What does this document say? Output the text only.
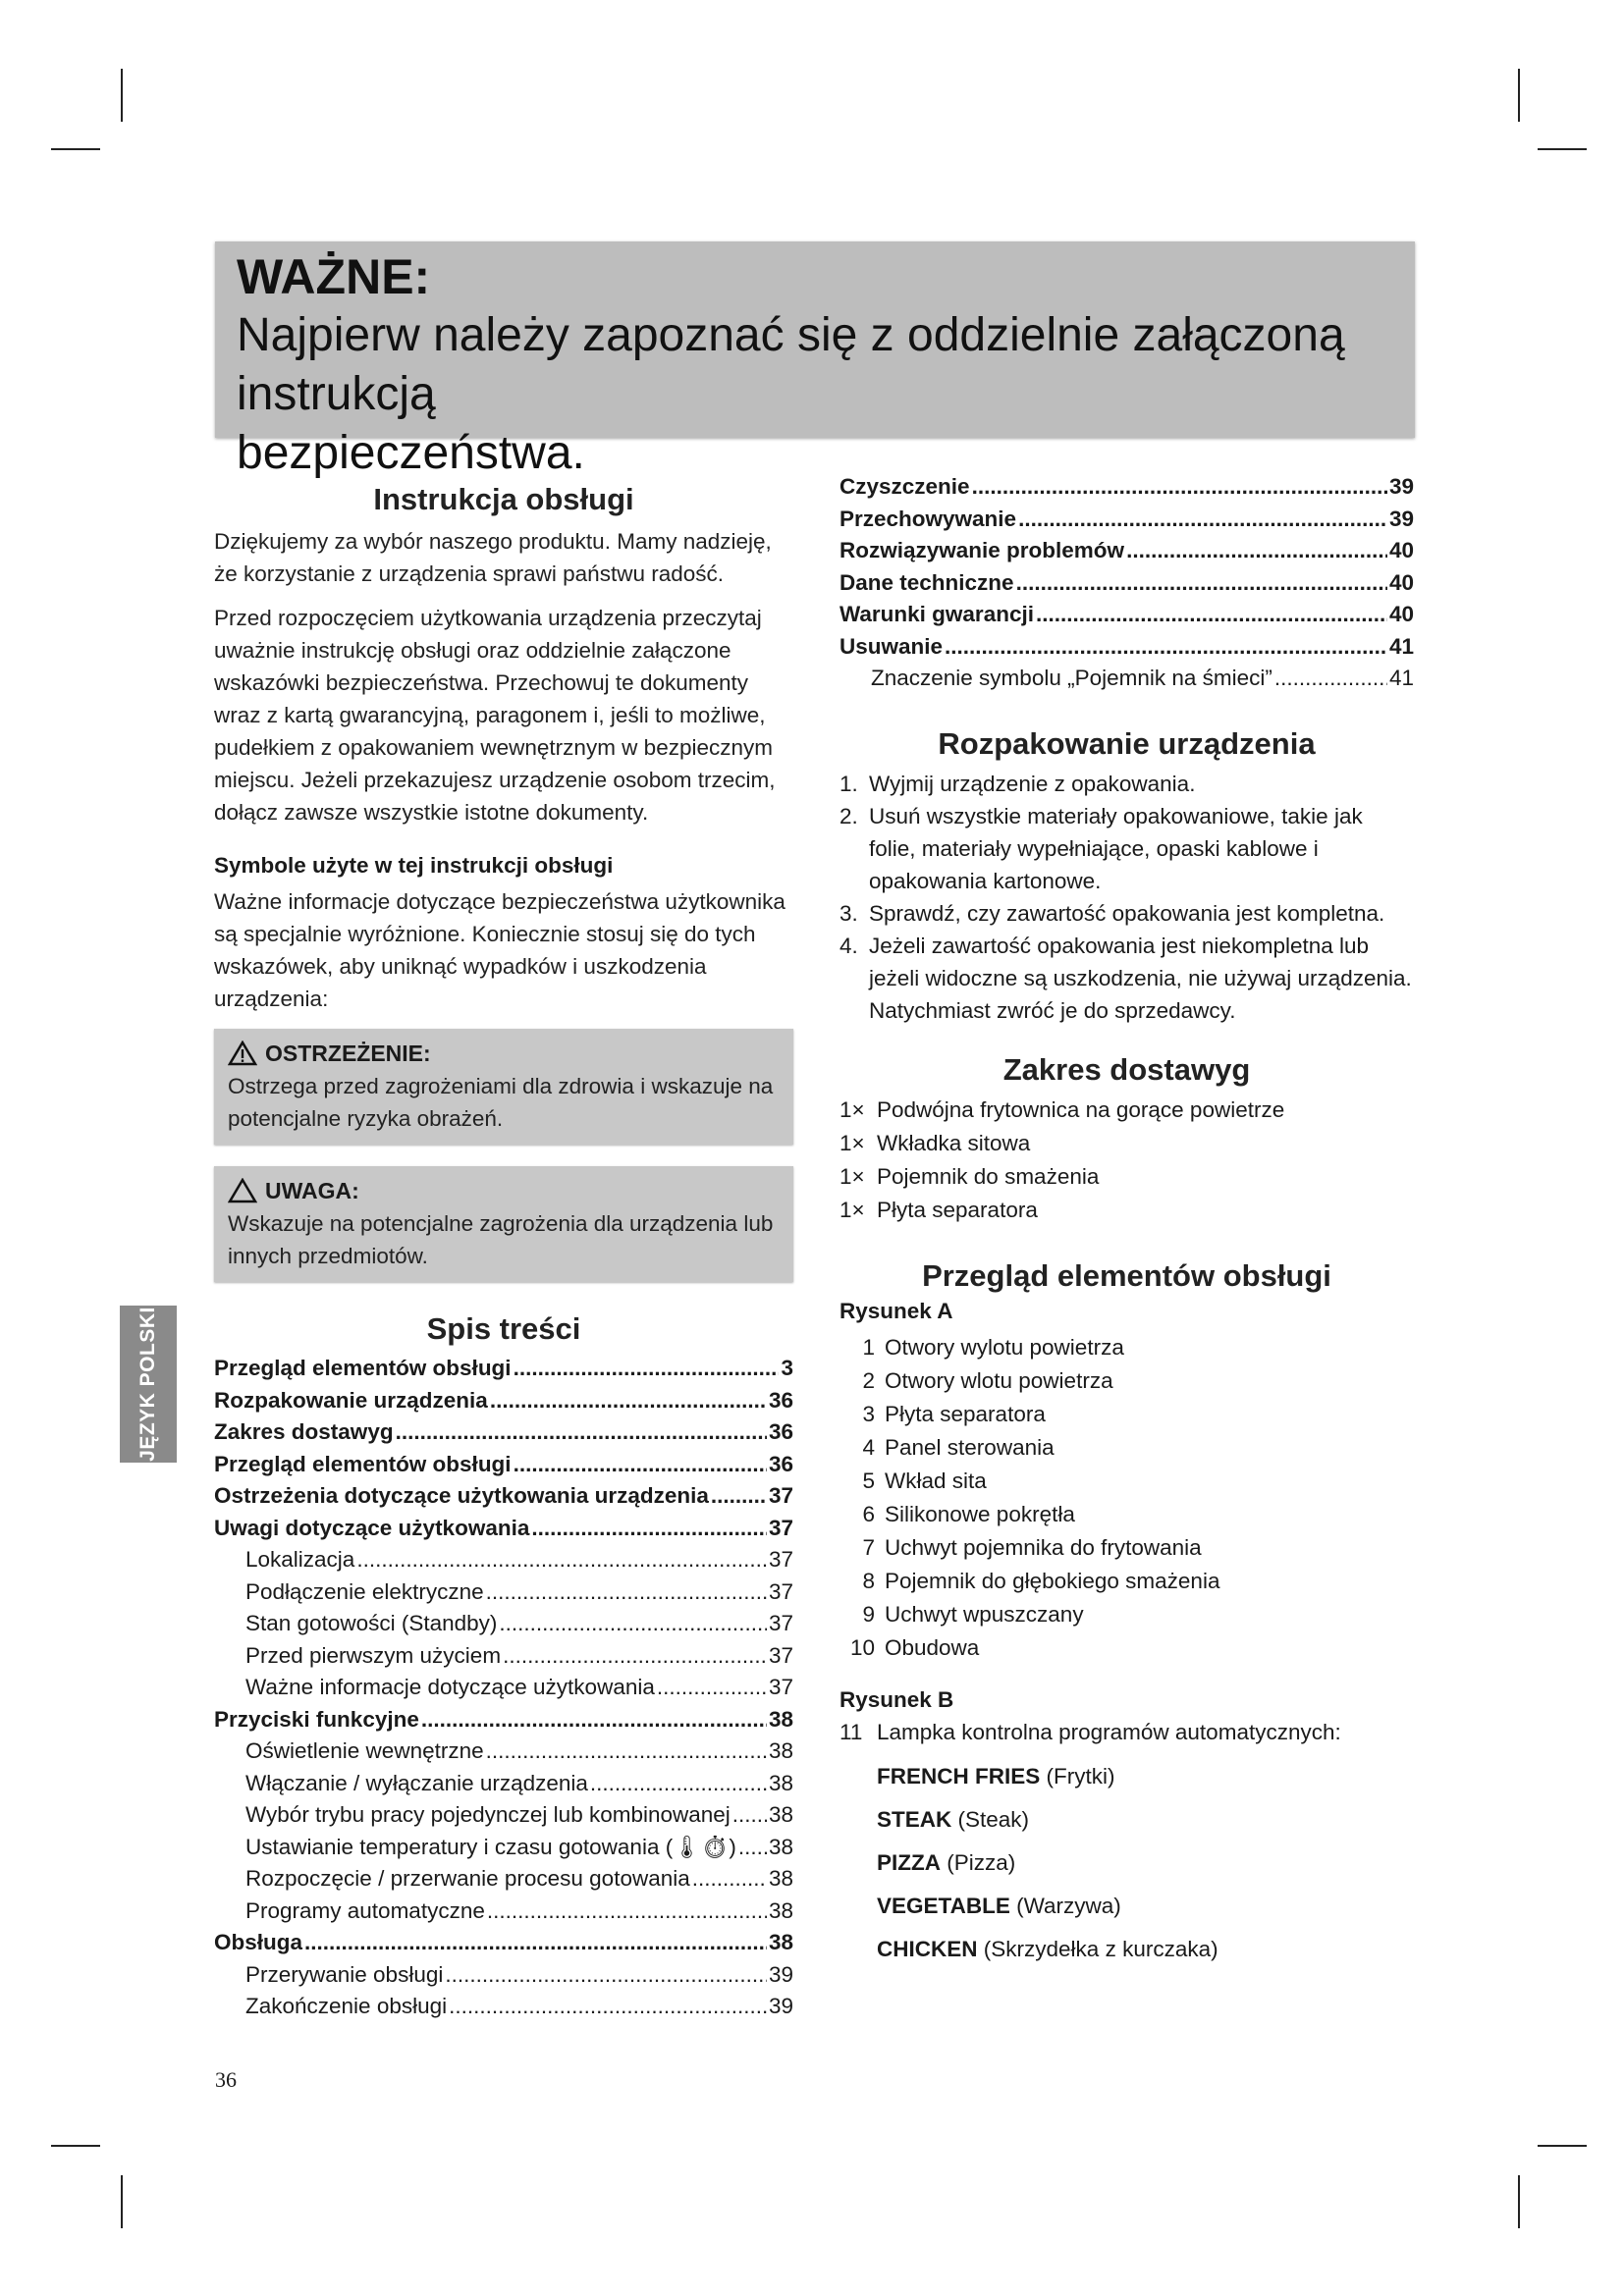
WAŻNE:
Najpierw należy zapoznać się z oddzielnie załączoną instrukcją
bezpieczeństwa.
Instrukcja obsługi

Dziękujemy za wybór naszego produktu. Mamy nadzieję, że korzystanie z urządzenia sprawi państwu radość.

Przed rozpoczęciem użytkowania urządzenia przeczytaj uważnie instrukcję obsługi oraz oddzielnie załączone wskazówki bezpieczeństwa. Przechowuj te dokumenty wraz z kartą gwarancyjną, paragonem i, jeśli to możliwe, pudełkiem z opakowaniem wewnętrznym w bezpiecznym miejscu. Jeżeli przekazujesz urządzenie osobom trzecim, dołącz zawsze wszystkie istotne dokumenty.

Symbole użyte w tej instrukcji obsługi

Ważne informacje dotyczące bezpieczeństwa użytkownika są specjalnie wyróżnione. Koniecznie stosuj się do tych wskazówek, aby uniknąć wypadków i uszkodzenia urządzenia:

OSTRZEŻENIE:

Ostrzega przed zagrożeniami dla zdrowia i wskazuje na potencjalne ryzyka obrażeń.

UWAGA:

Wskazuje na potencjalne zagrożenia dla urządzenia lub innych przedmiotów.

Spis treści
Przegląd elementów obsługi .....	3
Rozpakowanie urządzenia .....	36
Zakres dostawyg .....	36
Przegląd elementów obsługi .....	36
Ostrzeżenia dotyczące użytkowania urządzenia .....	37
Uwagi dotyczące użytkowania .....	37
Lokalizacja .....	37
Podłączenie elektryczne .....	37
Stan gotowości (Standby) .....	37
Przed pierwszym użyciem .....	37
Ważne informacje dotyczące użytkowania .....	37
Przyciski funkcyjne .....	38
Oświetlenie wewnętrzne .....	38
Włączanie / wyłączanie urządzenia .....	38
Wybór trybu pracy pojedynczej lub kombinowanej ..... 38
Ustawianie temperatury i czasu gotowania (🌡⏱) ..... 38
Rozpoczęcie / przerwanie procesu gotowania .....	38
Programy automatyczne .....	38
Obsługa .....	38
Przerywanie obsługi .....	39
Zakończenie obsługi .....	39
Czyszczenie .....	39
Przechowywanie .....	39
Rozwiązywanie problemów .....	40
Dane techniczne .....	40
Warunki gwarancji .....	40
Usuwanie .....	41
Znaczenie symbolu „Pojemnik na śmieci” .....	41
Rozpakowanie urządzenia
1. Wyjmij urządzenie z opakowania.
2. Usuń wszystkie materiały opakowaniowe, takie jak folie, materiały wypełniające, opaski kablowe i opakowania kartonowe.
3. Sprawdź, czy zawartość opakowania jest kompletna.
4. Jeżeli zawartość opakowania jest niekompletna lub jeżeli widoczne są uszkodzenia, nie używaj urządzenia. Natychmiast zwróć je do sprzedawcy.
Zakres dostawyg
1× Podwójna frytownica na gorące powietrze
1× Wkładka sitowa
1× Pojemnik do smażenia
1× Płyta separatora
Przegląd elementów obsługi
Rysunek A
1 Otwory wylotu powietrza
2 Otwory wlotu powietrza
3 Płyta separatora
4 Panel sterowania
5 Wkład sita
6 Silikonowe pokrętła
7 Uchwyt pojemnika do frytowania
8 Pojemnik do głębokiego smażenia
9 Uchwyt wpuszczany
10 Obudowa
Rysunek B
11 Lampka kontrolna programów automatycznych:
FRENCH FRIES (Frytki)
STEAK (Steak)
PIZZA (Pizza)
VEGETABLE (Warzywa)
CHICKEN (Skrzydełka z kurczaka)
JĘZYK POLSKI
36
